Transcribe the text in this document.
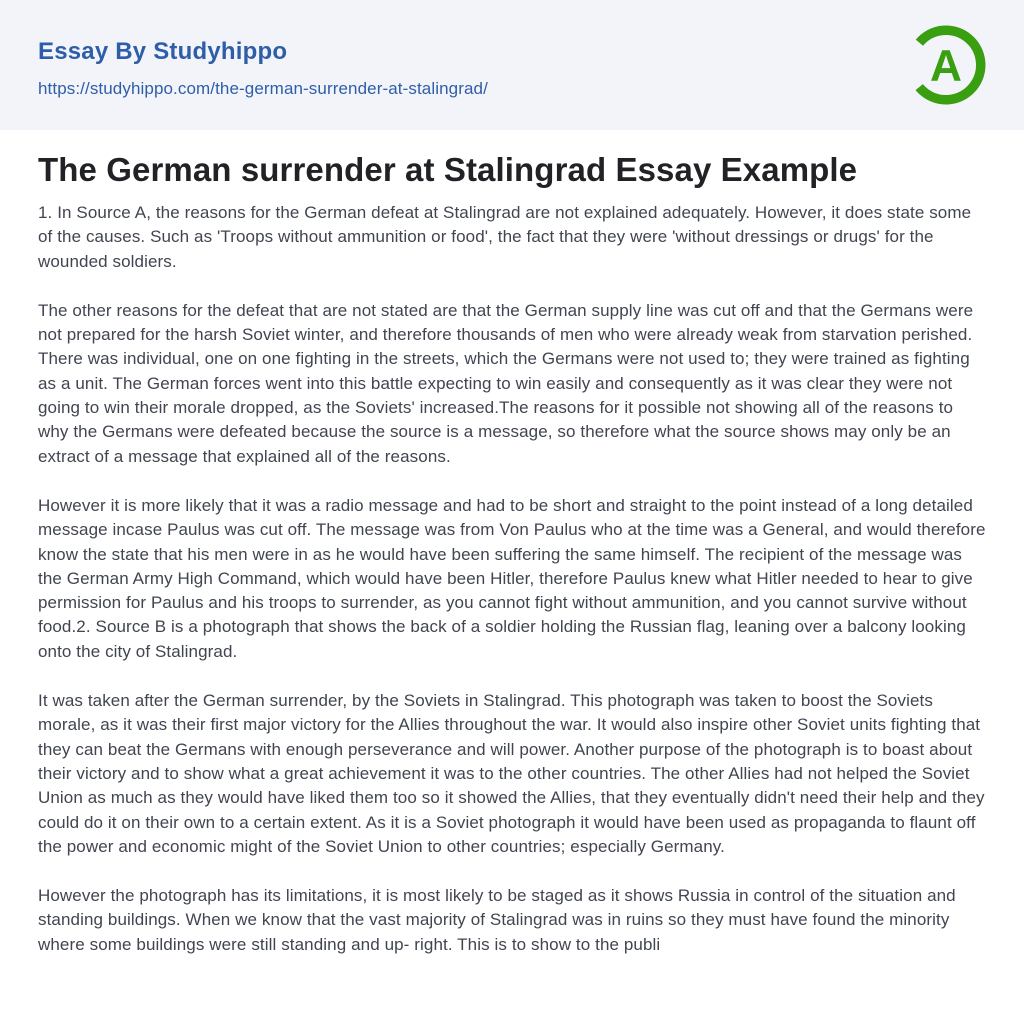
Essay By Studyhippo
https://studyhippo.com/the-german-surrender-at-stalingrad/	A
The German surrender at Stalingrad Essay Example

1. In Source A, the reasons for the German defeat at Stalingrad are not explained adequately. However, it does state some of the causes. Such as 'Troops without ammunition or food', the fact that they were 'without dressings or drugs' for the wounded soldiers.

The other reasons for the defeat that are not stated are that the German supply line was cut off and that the Germans were not prepared for the harsh Soviet winter, and therefore thousands of men who were already weak from starvation perished. There was individual, one on one fighting in the streets, which the Germans were not used to; they were trained as fighting as a unit. The German forces went into this battle expecting to win easily and consequently as it was clear they were not going to win their morale dropped, as the Soviets' increased.The reasons for it possible not showing all of the reasons to why the Germans were defeated because the source is a message, so therefore what the source shows may only be an extract of a message that explained all of the reasons.

However it is more likely that it was a radio message and had to be short and straight to the point instead of a long detailed message incase Paulus was cut off. The message was from Von Paulus who at the time was a General, and would therefore know the state that his men were in as he would have been suffering the same himself. The recipient of the message was the German Army High Command, which would have been Hitler, therefore Paulus knew what Hitler needed to hear to give permission for Paulus and his troops to surrender, as you cannot fight without ammunition, and you cannot survive without food.2. Source B is a photograph that shows the back of a soldier holding the Russian flag, leaning over a balcony looking onto the city of Stalingrad.

It was taken after the German surrender, by the Soviets in Stalingrad. This photograph was taken to boost the Soviets morale, as it was their first major victory for the Allies throughout the war. It would also inspire other Soviet units fighting that they can beat the Germans with enough perseverance and will power. Another purpose of the photograph is to boast about their victory and to show what a great achievement it was to the other countries. The other Allies had not helped the Soviet Union as much as they would have liked them too so it showed the Allies, that they eventually didn't need their help and they could do it on their own to a certain extent. As it is a Soviet photograph it would have been used as propaganda to flaunt off the power and economic might of the Soviet Union to other countries; especially Germany.

However the photograph has its limitations, it is most likely to be staged as it shows Russia in control of the situation and standing buildings. When we know that the vast majority of Stalingrad was in ruins so they must have found the minority where some buildings were still standing and up- right. This is to show to the publi
